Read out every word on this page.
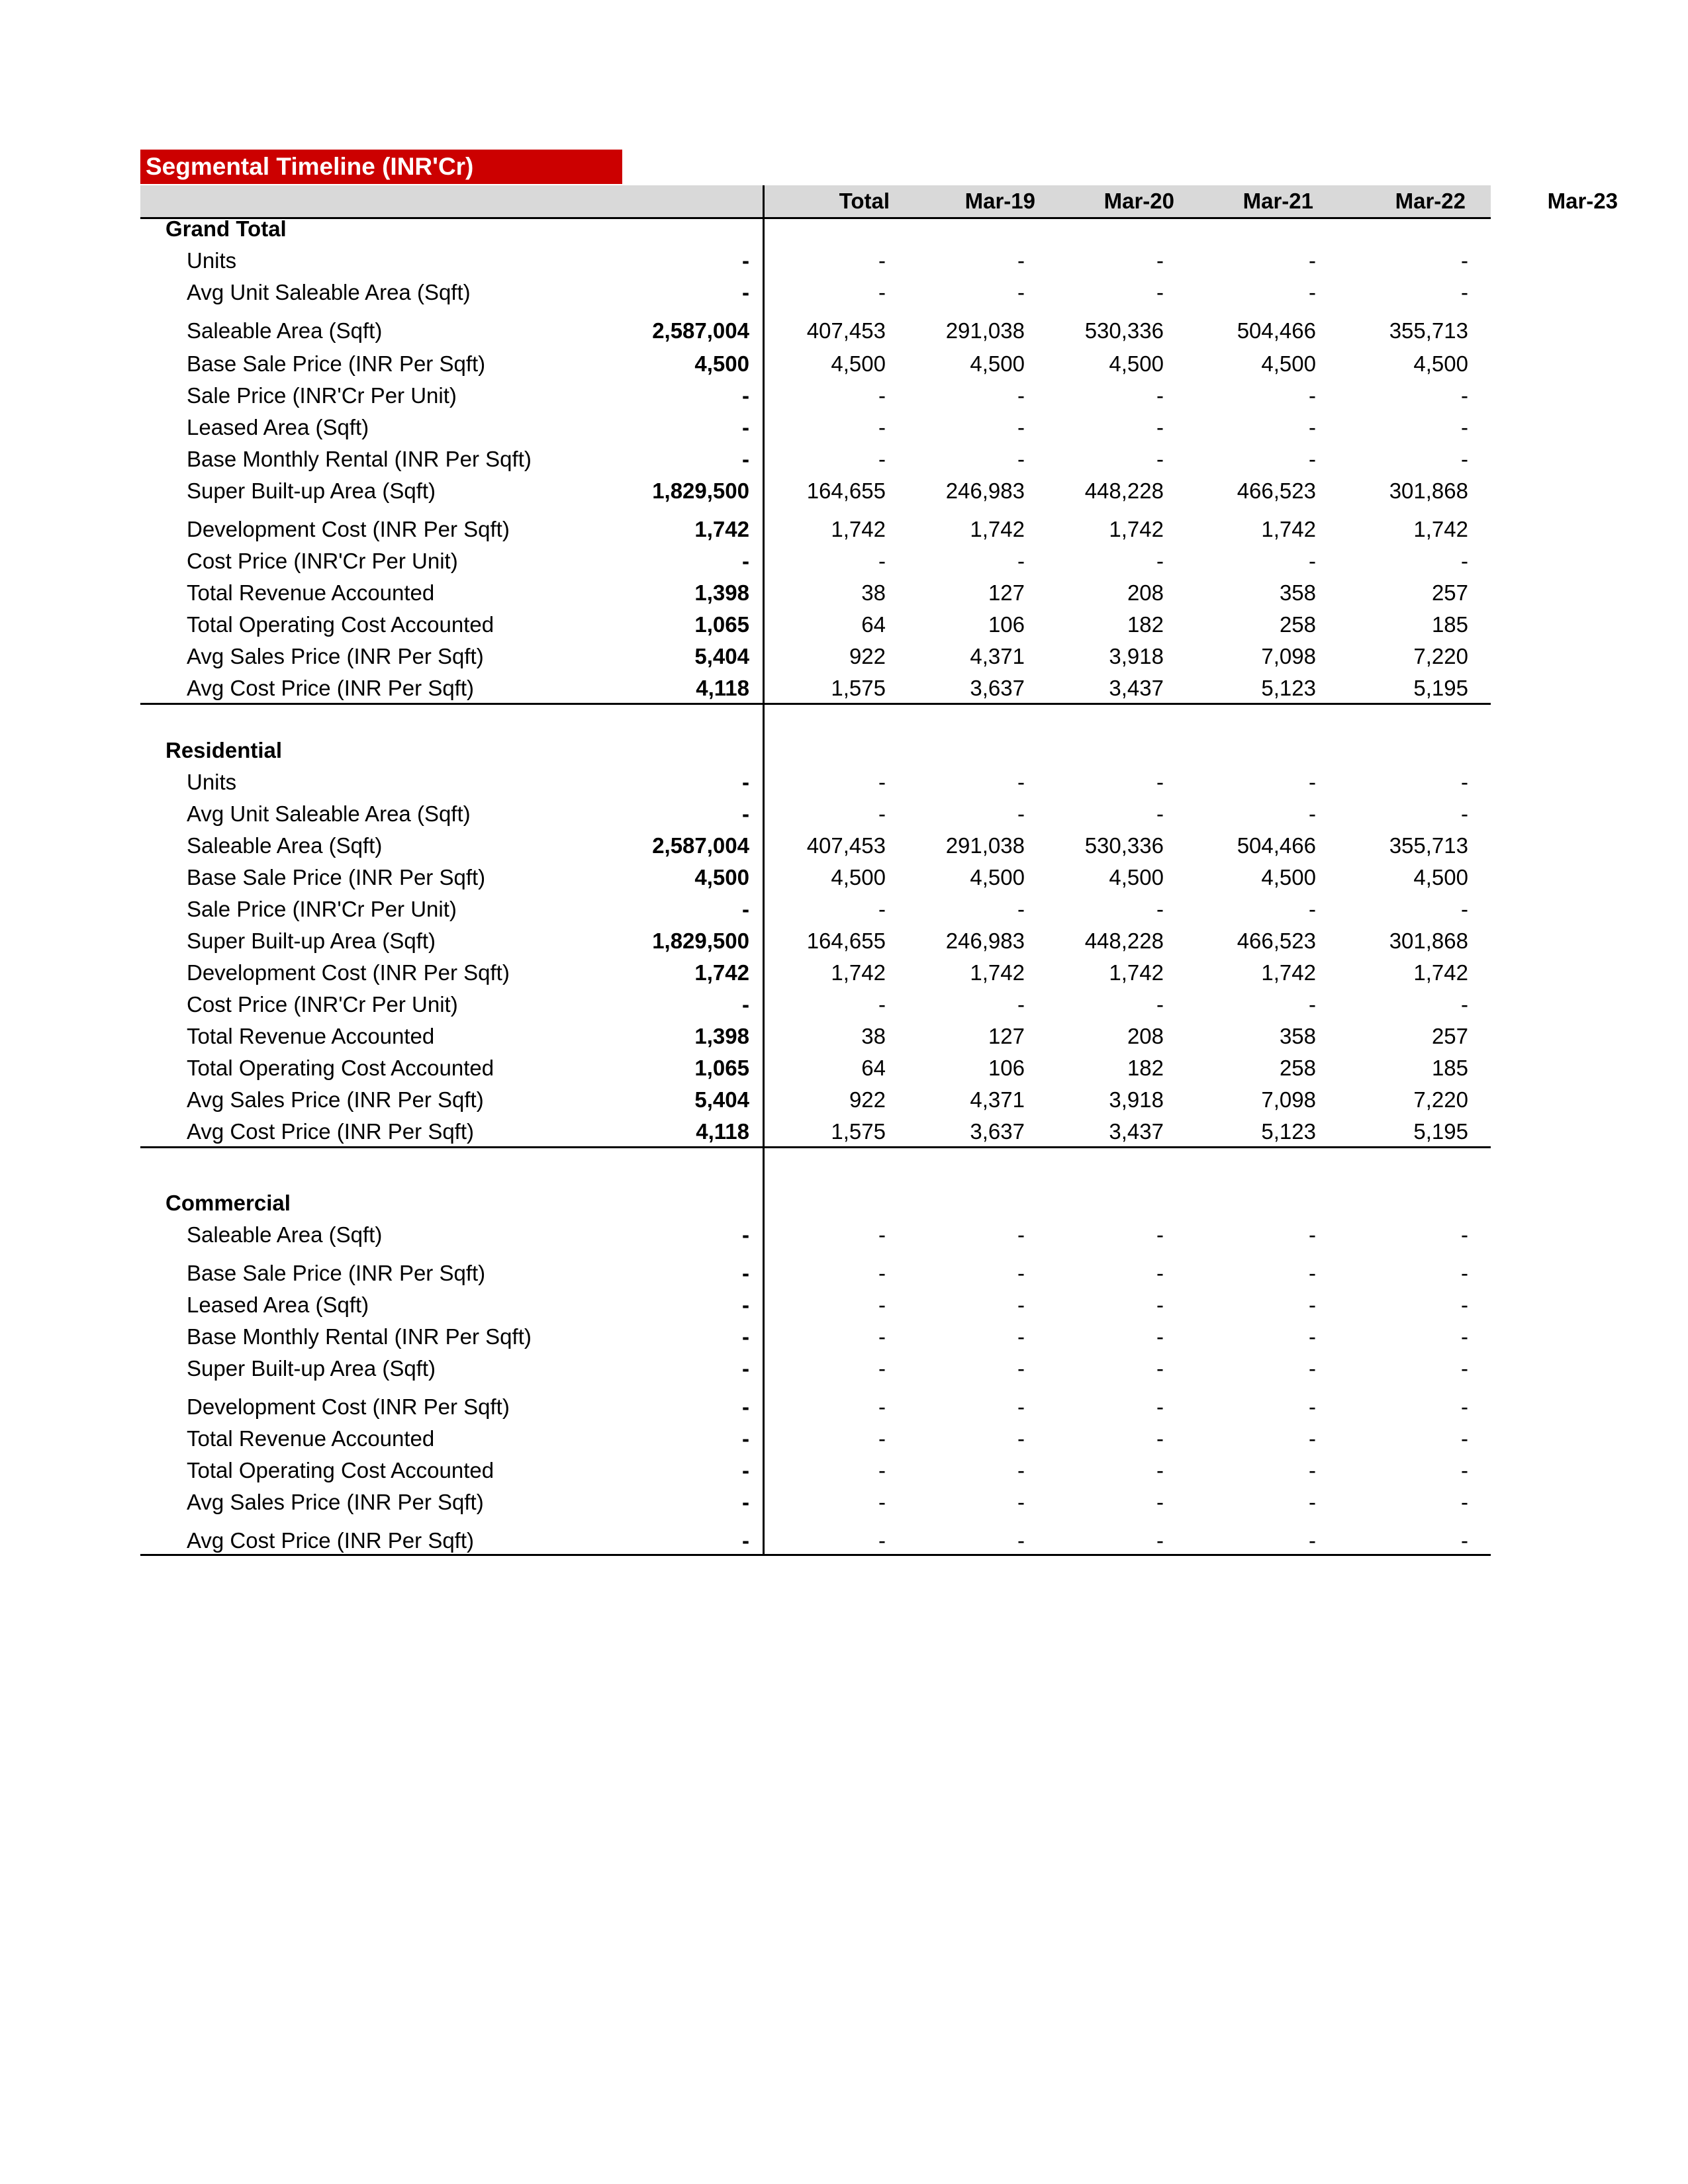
Segmental Timeline (INR'Cr)
Total	Mar-19	Mar-20	Mar-21	Mar-22	Mar-23
Grand Total
Units	-	-	-	-	-	-
Avg Unit Saleable Area (Sqft)	-	-	-	-	-	-
Saleable Area (Sqft)	2,587,004	407,453	291,038	530,336	504,466	355,713
Base Sale Price (INR Per Sqft)	4,500	4,500	4,500	4,500	4,500	4,500
Sale Price (INR'Cr Per Unit)	-	-	-	-	-	-
Leased Area (Sqft)	-	-	-	-	-	-
Base Monthly Rental (INR Per Sqft)	-	-	-	-	-	-
Super Built-up Area (Sqft)	1,829,500	164,655	246,983	448,228	466,523	301,868
Development Cost (INR Per Sqft)	1,742	1,742	1,742	1,742	1,742	1,742
Cost Price (INR'Cr Per Unit)	-	-	-	-	-	-
Total Revenue Accounted	1,398	38	127	208	358	257
Total Operating Cost Accounted	1,065	64	106	182	258	185
Avg Sales Price (INR Per Sqft)	5,404	922	4,371	3,918	7,098	7,220
Avg Cost Price (INR Per Sqft)	4,118	1,575	3,637	3,437	5,123	5,195
Residential
Units	-	-	-	-	-	-
Avg Unit Saleable Area (Sqft)	-	-	-	-	-	-
Saleable Area (Sqft)	2,587,004	407,453	291,038	530,336	504,466	355,713
Base Sale Price (INR Per Sqft)	4,500	4,500	4,500	4,500	4,500	4,500
Sale Price (INR'Cr Per Unit)	-	-	-	-	-	-
Super Built-up Area (Sqft)	1,829,500	164,655	246,983	448,228	466,523	301,868
Development Cost (INR Per Sqft)	1,742	1,742	1,742	1,742	1,742	1,742
Cost Price (INR'Cr Per Unit)	-	-	-	-	-	-
Total Revenue Accounted	1,398	38	127	208	358	257
Total Operating Cost Accounted	1,065	64	106	182	258	185
Avg Sales Price (INR Per Sqft)	5,404	922	4,371	3,918	7,098	7,220
Avg Cost Price (INR Per Sqft)	4,118	1,575	3,637	3,437	5,123	5,195
Commercial
Saleable Area (Sqft)	-	-	-	-	-	-
Base Sale Price (INR Per Sqft)	-	-	-	-	-	-
Leased Area (Sqft)	-	-	-	-	-	-
Base Monthly Rental (INR Per Sqft)	-	-	-	-	-	-
Super Built-up Area (Sqft)	-	-	-	-	-	-
Development Cost (INR Per Sqft)	-	-	-	-	-	-
Total Revenue Accounted	-	-	-	-	-	-
Total Operating Cost Accounted	-	-	-	-	-	-
Avg Sales Price (INR Per Sqft)	-	-	-	-	-	-
Avg Cost Price (INR Per Sqft)	-	-	-	-	-	-
